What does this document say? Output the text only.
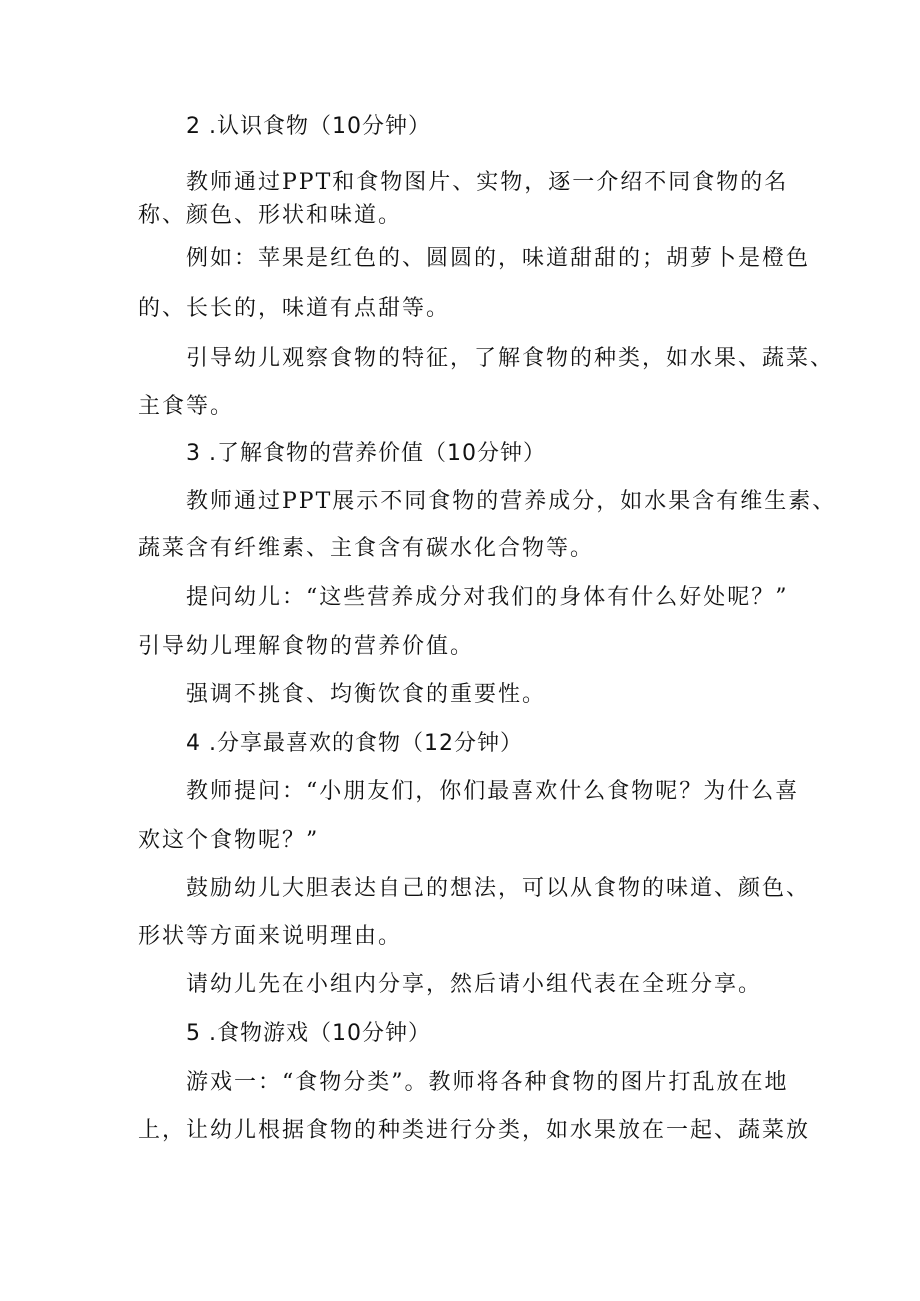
2 .认识食物（10分钟）
教师通过PPT和食物图片、实物，逐一介绍不同食物的名
称、颜色、形状和味道。
例如：苹果是红色的、圆圆的，味道甜甜的；胡萝卜是橙色
的、长长的，味道有点甜等。
引导幼儿观察食物的特征，了解食物的种类，如水果、蔬菜、
主食等。
3 .了解食物的营养价值（10分钟）
教师通过PPT展示不同食物的营养成分，如水果含有维生素、
蔬菜含有纤维素、主食含有碳水化合物等。
提问幼儿：“这些营养成分对我们的身体有什么好处呢？”
引导幼儿理解食物的营养价值。
强调不挑食、均衡饮食的重要性。
4 .分享最喜欢的食物（12分钟）
教师提问：“小朋友们，你们最喜欢什么食物呢？为什么喜
欢这个食物呢？”
鼓励幼儿大胆表达自己的想法，可以从食物的味道、颜色、
形状等方面来说明理由。
请幼儿先在小组内分享，然后请小组代表在全班分享。
5 .食物游戏（10分钟）
游戏一：“食物分类”。教师将各种食物的图片打乱放在地
上，让幼儿根据食物的种类进行分类，如水果放在一起、蔬菜放
